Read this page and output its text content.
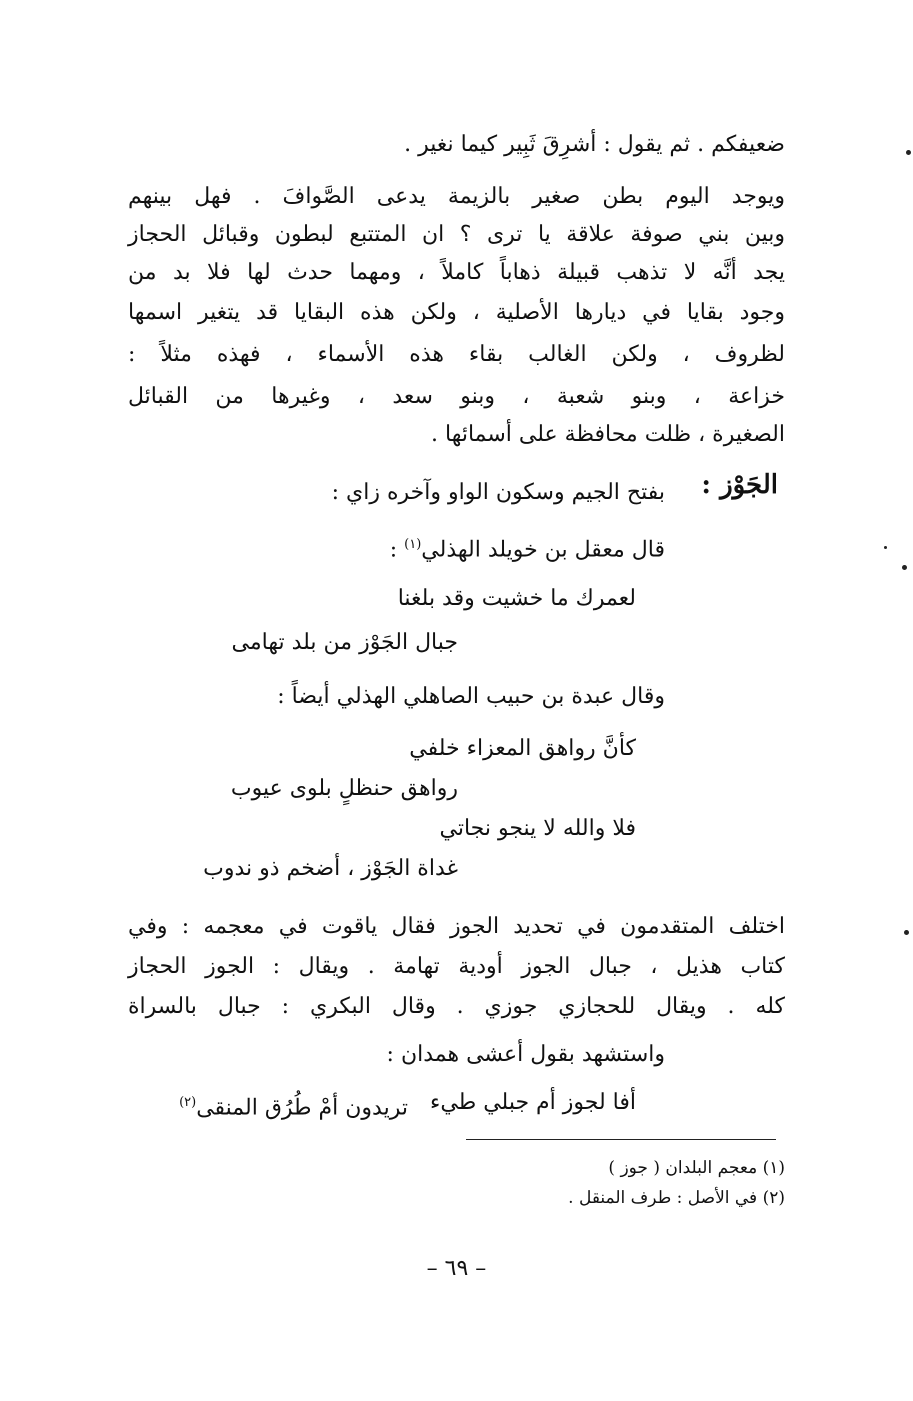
ضعيفكم . ثم يقول : أشرِقَ ثَبِير كيما نغير .
ويوجد اليوم بطن صغير بالزيمة يدعى الصَّوافَ . فهل بينهم
وبين بني صوفة علاقة يا ترى ؟ ان المتتبع لبطون وقبائل الحجاز
يجد أنَّه لا تذهب قبيلة ذهاباً كاملاً ، ومهما حدث لها فلا بد من
وجود بقايا في ديارها الأصلية ، ولكن هذه البقايا قد يتغير اسمها
لظروف ، ولكن الغالب بقاء هذه الأسماء ، فهذه مثلاً :
خزاعة ، وبنو شعبة ، وبنو سعد ، وغيرها من القبائل
الصغيرة ، ظلت محافظة على أسمائها .
الجَوْز :
بفتح الجيم وسكون الواو وآخره زاي :
قال معقل بن خويلد الهذلي$^{(١)}$ :
لعمرك ما خشيت وقد بلغنا
جبال الجَوْز من بلد تهامى
وقال عبدة بن حبيب الصاهلي الهذلي أيضاً :
كأنَّ رواهق المعزاء خلفي
رواهق حنظلٍ بلوى عيوب
فلا والله لا ينجو نجاتي
غداة الجَوْز ، أضخم ذو ندوب
اختلف المتقدمون في تحديد الجوز فقال ياقوت في معجمه : وفي
كتاب هذيل ، جبال الجوز أودية تهامة . ويقال : الجوز الحجاز
كله . ويقال للحجازي جوزي . وقال البكري : جبال بالسراة
واستشهد بقول أعشى همدان :
أفا لجوز أم جبلي طيء
تريدون أمْ طُرُق المنقى$^{(٢)}$
(١) معجم البلدان ( جوز )
(٢) في الأصل : طرف المنقل .
– ٦٩ –
